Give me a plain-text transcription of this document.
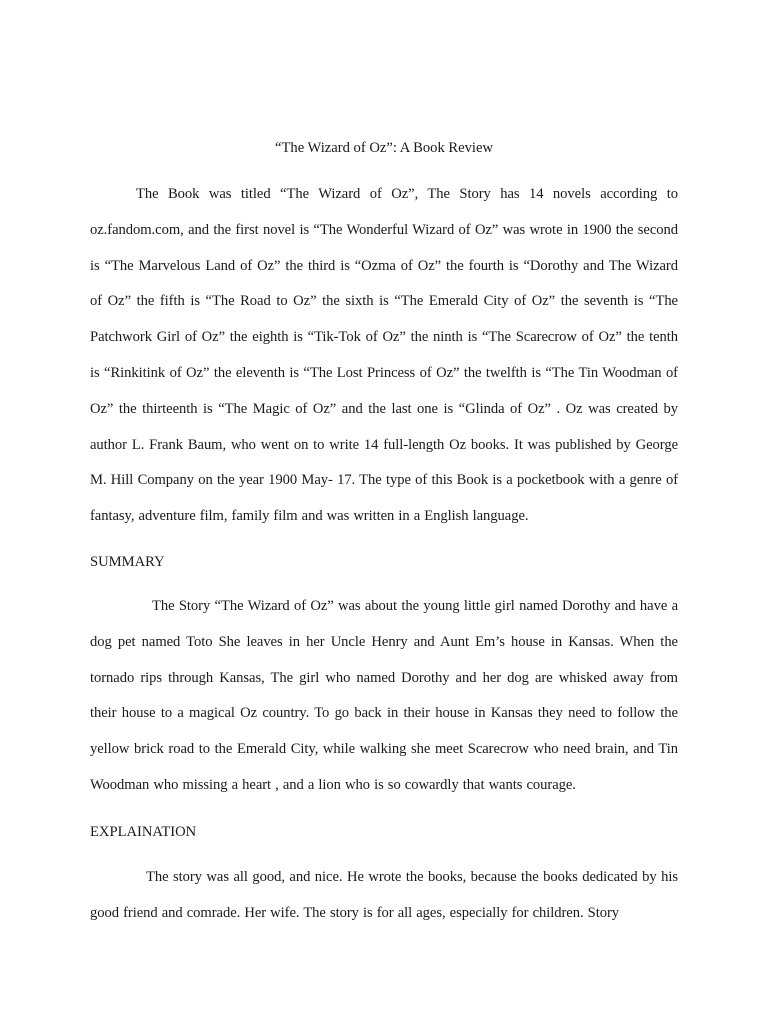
“The Wizard of Oz”: A Book Review

The Book was titled “The Wizard of Oz”, The Story has 14 novels according to oz.fandom.com, and the first novel is “The Wonderful Wizard of Oz” was wrote in 1900 the second is “The Marvelous Land of Oz” the third is “Ozma of Oz” the fourth is “Dorothy and The Wizard of Oz” the fifth is “The Road to Oz” the sixth is “The Emerald City of Oz” the seventh is “The Patchwork Girl of Oz” the eighth is “Tik-Tok of Oz” the ninth is “The Scarecrow of Oz” the tenth is “Rinkitink of Oz” the eleventh is “The Lost Princess of Oz” the twelfth is “The Tin Woodman of Oz” the thirteenth is “The Magic of Oz” and the last one is “Glinda of Oz” . Oz was created by author L. Frank Baum, who went on to write 14 full-length Oz books. It was published by George M. Hill Company on the year 1900 May- 17. The type of this Book is a pocketbook with a genre of fantasy, adventure film, family film and was written in a English language.

SUMMARY

The Story “The Wizard of Oz” was about the young little girl named Dorothy and have a dog pet named Toto She leaves in her Uncle Henry and Aunt Em’s house in Kansas. When the tornado rips through Kansas, The girl who named Dorothy and her dog are whisked away from their house to a magical Oz country. To go back in their house in Kansas they need to follow the yellow brick road to the Emerald City, while walking she meet Scarecrow who need brain, and Tin Woodman who missing a heart , and a lion who is so cowardly that wants courage.

EXPLAINATION

The story was all good, and nice. He wrote the books, because the books dedicated by his good friend and comrade. Her wife. The story is for all ages, especially for children. Story
